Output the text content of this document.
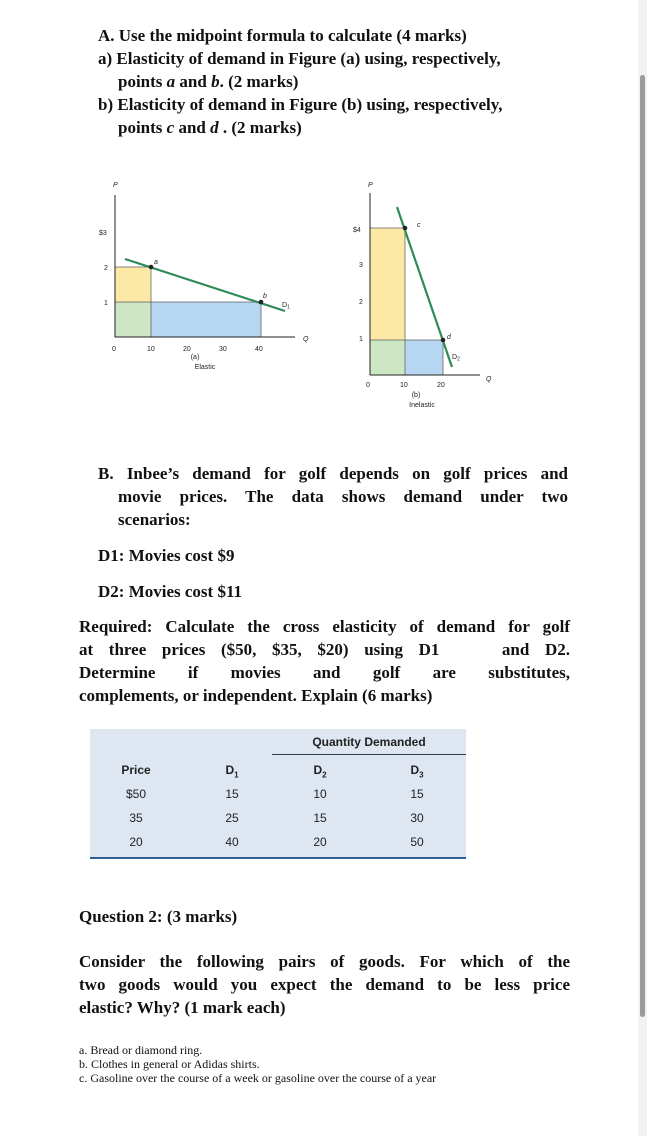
A. Use the midpoint formula to calculate (4 marks)
a) Elasticity of demand in Figure (a) using, respectively,
points a and b. (2 marks)
b) Elasticity of demand in Figure (b) using, respectively,
points c and d . (2 marks)
P
Q
$3
2
1
0	10	20	30	40
a
b
$D_1$
(a)
Elastic
P
Q
$4
3
2
1
0	10	20
c
d
$D_2$
(b)
Inelastic
B. Inbee’s demand for golf depends on golf prices and
movie prices. The data shows demand under two
scenarios:
D1: Movies cost $9
D2: Movies cost $11
Required: Calculate the cross elasticity of demand for golf
at three prices ($50, $35, $20) using D1    and D2.
Determine if movies and golf are substitutes,
complements, or independent. Explain (6 marks)
Quantity Demanded
Price	$D_1$	$D_2$	$D_3$
$50	15	10	15
35	25	15	30
20	40	20	50
Question 2: (3 marks)
Consider the following pairs of goods. For which of the
two goods would you expect the demand to be less price
elastic? Why? (1 mark each)
a. Bread or diamond ring.
b. Clothes in general or Adidas shirts.
c. Gasoline over the course of a week or gasoline over the course of a year
